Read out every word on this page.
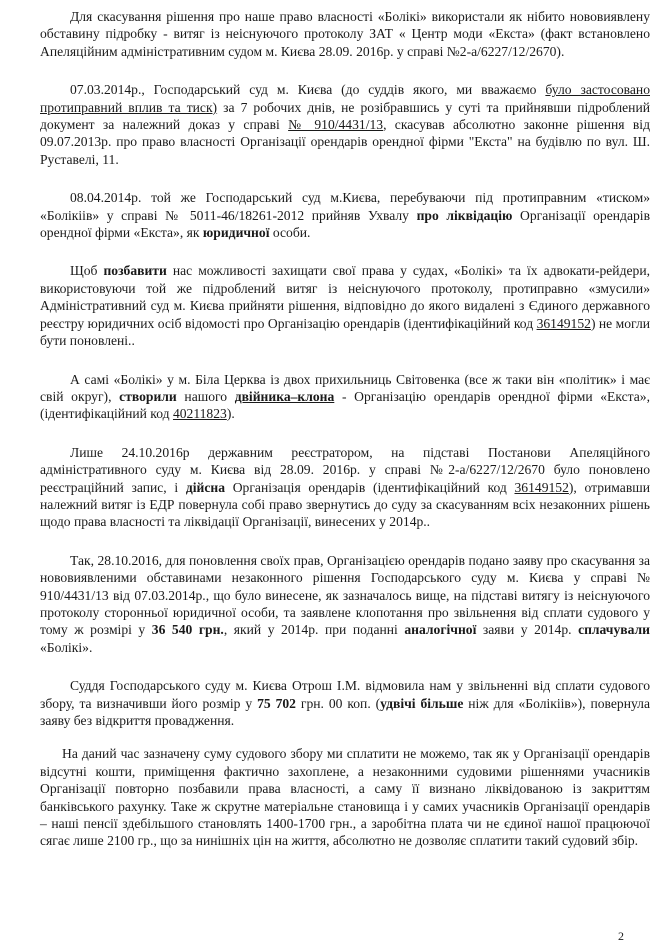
Для скасування рішення про наше право власності «Болікі» використали як нібито нововиявлену обставину підробку - витяг із неіснуючого протоколу ЗАТ « Центр моди «Екста» (факт встановлено Апеляційним адміністративним судом м. Києва 28.09. 2016р. у справі №2-а/6227/12/2670).

07.03.2014р., Господарський суд м. Києва (до суддів якого, ми вважаємо було застосовано протиправний вплив та тиск) за 7 робочих днів, не розібравшись у суті та прийнявши підроблений документ за належний доказ у справі № 910/4431/13, скасував абсолютно законне рішення від 09.07.2013р. про право власності Організації орендарів орендної фірми "Екста" на будівлю по вул. Ш. Руставелі, 11.

08.04.2014р. той же Господарський суд м.Києва, перебуваючи під протиправним «тиском» «Болікіів» у справі № 5011-46/18261-2012 прийняв Ухвалу про ліквідацію Організації орендарів орендної фірми «Екста», як юридичної особи.

Щоб позбавити нас можливості захищати свої права у судах, «Болікі» та їх адвокати-рейдери, використовуючи той же підроблений витяг із неіснуючого протоколу, протиправно «змусили» Адміністративний суд м. Києва прийняти рішення, відповідно до якого видалені з Єдиного державного реєстру юридичних осіб відомості про Організацію орендарів (ідентифікаційний код 36149152) не могли бути поновлені..

А самі «Болікі» у м. Біла Церква із двох прихильниць Світовенка (все ж таки він «політик» і має свій округ), створили нашого двійника–клона - Організацію орендарів орендної фірми «Екста», (ідентифікаційний код 40211823).

Лише 24.10.2016р державним реєстратором, на підставі Постанови Апеляційного адміністративного суду м. Києва від 28.09. 2016р. у справі №2-а/6227/12/2670 було поновлено реєстраційний запис, і дійсна Організація орендарів (ідентифікаційний код 36149152), отримавши належний витяг із ЕДР повернула собі право звернутись до суду за скасуванням всіх незаконних рішень щодо права власності та ліквідації Організації, винесених у 2014р..

Так, 28.10.2016, для поновлення своїх прав, Організацією орендарів подано заяву про скасування за нововиявленими обставинами незаконного рішення Господарського суду м. Києва у справі № 910/4431/13 від 07.03.2014р., що було винесене, як зазначалось вище, на підставі витягу із неіснуючого протоколу сторонньої юридичної особи, та заявлене клопотання про звільнення від сплати судового у тому ж розмірі у 36 540 грн., який у 2014р. при поданні аналогічної заяви у 2014р. сплачували «Болікі».

Суддя Господарського суду м. Києва Отрош І.М. відмовила нам у звільненні від сплати судового збору, та визначивши його розмір у 75 702 грн. 00 коп. (удвічі більше ніж для «Болікіів»), повернула заяву без відкриття провадження.

На даний час зазначену суму судового збору ми сплатити не можемо, так як у Організації орендарів відсутні кошти, приміщення фактично захоплене, а незаконними судовими рішеннями учасників Організації повторно позбавили права власності, а саму її визнано ліквідованою із закриттям банківського рахунку. Таке ж скрутне матеріальне становища і у самих учасників Організації орендарів – наші пенсії здебільшого становлять 1400-1700 грн., а заробітна плата чи не єдиної нашої працюючої сягає лише 2100 гр., що за нинішніх цін на життя, абсолютно не дозволяє сплатити такий судовий збір.

2
